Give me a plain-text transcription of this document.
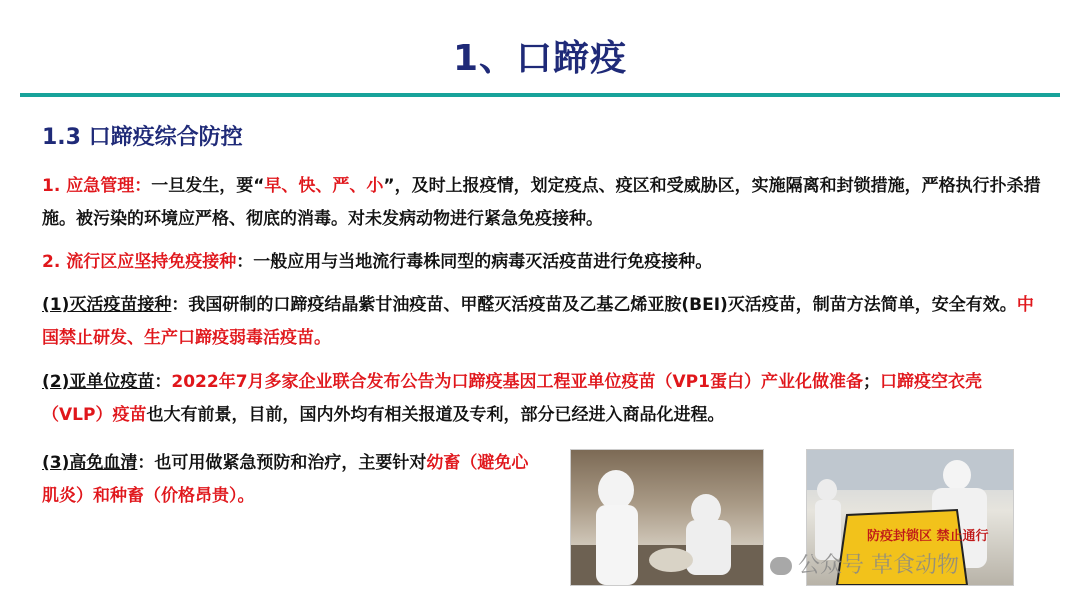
1、口蹄疫
1.3 口蹄疫综合防控
1. 应急管理：一旦发生，要“早、快、严、小”，及时上报疫情，划定疫点、疫区和受威胁区，实施隔离和封锁措施，严格执行扑杀措施。被污染的环境应严格、彻底的消毒。对未发病动物进行紧急免疫接种。
2. 流行区应坚持免疫接种：一般应用与当地流行毒株同型的病毒灭活疫苗进行免疫接种。
(1)灭活疫苗接种：我国研制的口蹄疫结晶紫甘油疫苗、甲醛灭活疫苗及乙基乙烯亚胺(BEI)灭活疫苗，制苗方法简单，安全有效。中国禁止研发、生产口蹄疫弱毒活疫苗。
(2)亚单位疫苗：2022年7月多家企业联合发布公告为口蹄疫基因工程亚单位疫苗（VP1蛋白）产业化做准备；口蹄疫空衣壳（VLP）疫苗也大有前景，目前，国内外均有相关报道及专利，部分已经进入商品化进程。
(3)高免血清：也可用做紧急预防和治疗，主要针对幼畜（避免心肌炎）和种畜（价格昂贵）。
防疫封锁区 禁止通行
公众号 草食动物
